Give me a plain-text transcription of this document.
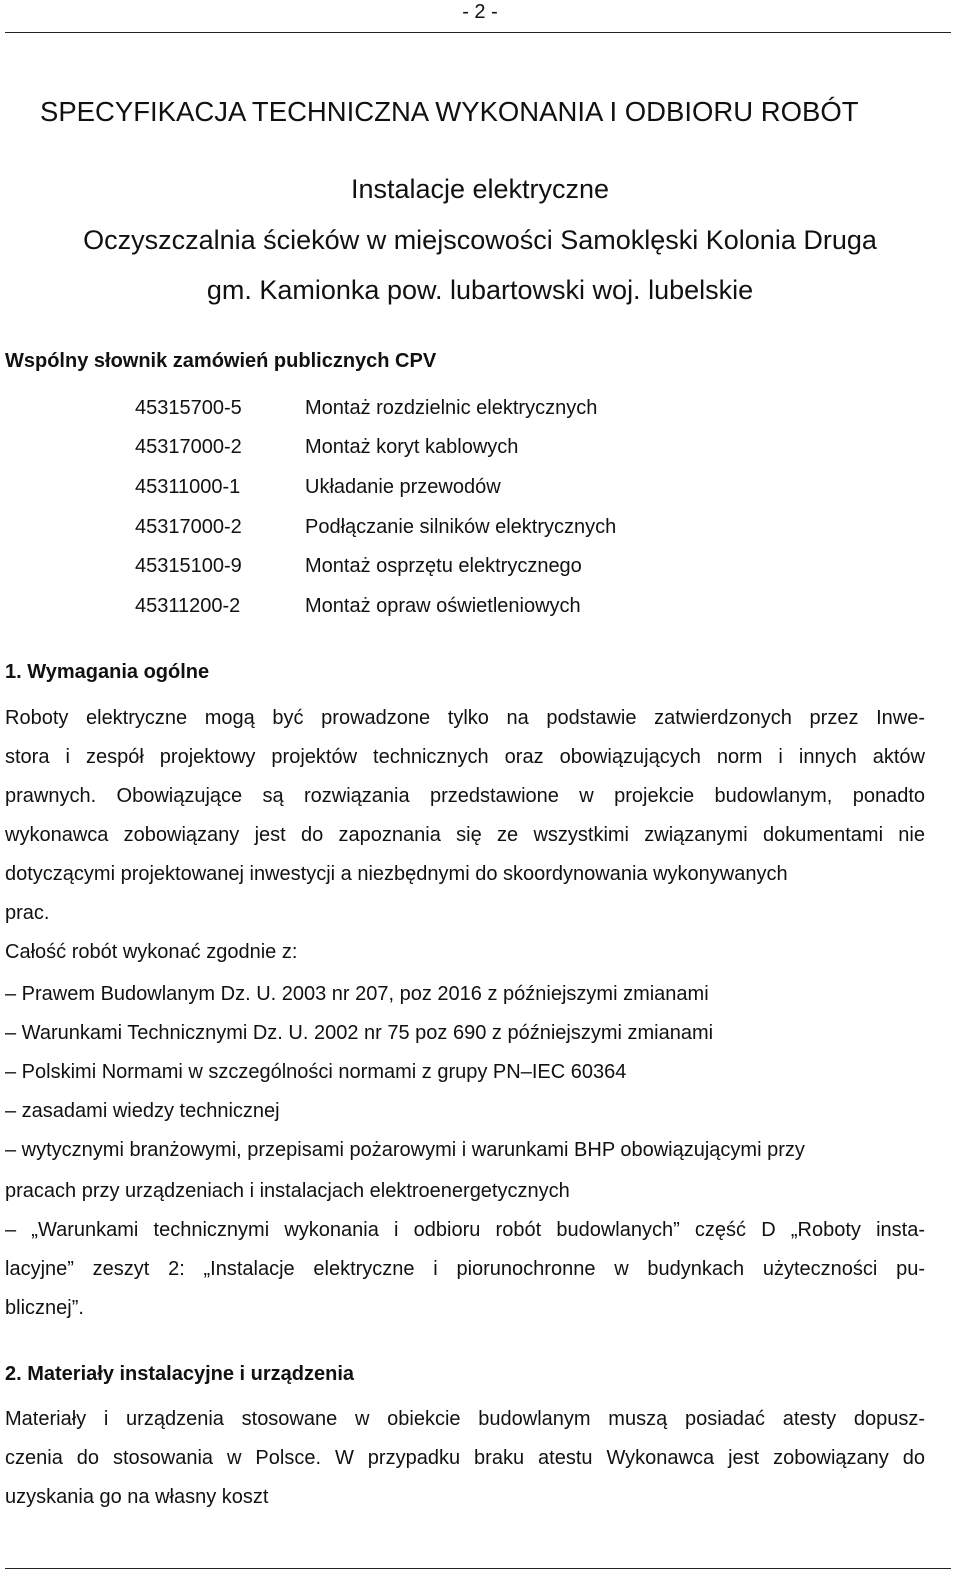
- 2 -
SPECYFIKACJA TECHNICZNA WYKONANIA I ODBIORU ROBÓT
Instalacje elektryczne
Oczyszczalnia ścieków w miejscowości Samoklęski Kolonia Druga
gm. Kamionka pow. lubartowski woj. lubelskie
Wspólny słownik zamówień publicznych CPV
45315700-5	Montaż rozdzielnic elektrycznych
45317000-2	Montaż koryt kablowych
45311000-1	Układanie przewodów
45317000-2	Podłączanie silników elektrycznych
45315100-9	Montaż osprzętu elektrycznego
45311200-2	Montaż opraw oświetleniowych
1. Wymagania ogólne
Roboty elektryczne mogą być prowadzone tylko na podstawie zatwierdzonych przez Inwe-
stora i zespół projektowy projektów technicznych oraz obowiązujących norm i innych aktów
prawnych. Obowiązujące są rozwiązania przedstawione w projekcie budowlanym, ponadto
wykonawca zobowiązany jest do zapoznania się ze wszystkimi związanymi dokumentami nie
dotyczącymi projektowanej inwestycji a niezbędnymi do skoordynowania wykonywanych
prac.
Całość robót wykonać zgodnie z:
– Prawem Budowlanym Dz. U. 2003 nr 207, poz 2016 z późniejszymi zmianami
– Warunkami Technicznymi Dz. U. 2002 nr 75 poz 690 z późniejszymi zmianami
– Polskimi Normami w szczególności normami z grupy PN–IEC 60364
– zasadami wiedzy technicznej
– wytycznymi branżowymi, przepisami pożarowymi i warunkami BHP obowiązującymi przy
pracach przy urządzeniach i instalacjach elektroenergetycznych
– „Warunkami technicznymi wykonania i odbioru robót budowlanych” część D „Roboty insta-
lacyjne” zeszyt 2: „Instalacje elektryczne i piorunochronne w budynkach użyteczności pu-
blicznej”.
2. Materiały instalacyjne i urządzenia
Materiały i urządzenia stosowane w obiekcie budowlanym muszą posiadać atesty dopusz-
czenia do stosowania w Polsce. W przypadku braku atestu Wykonawca jest zobowiązany do
uzyskania go na własny koszt
